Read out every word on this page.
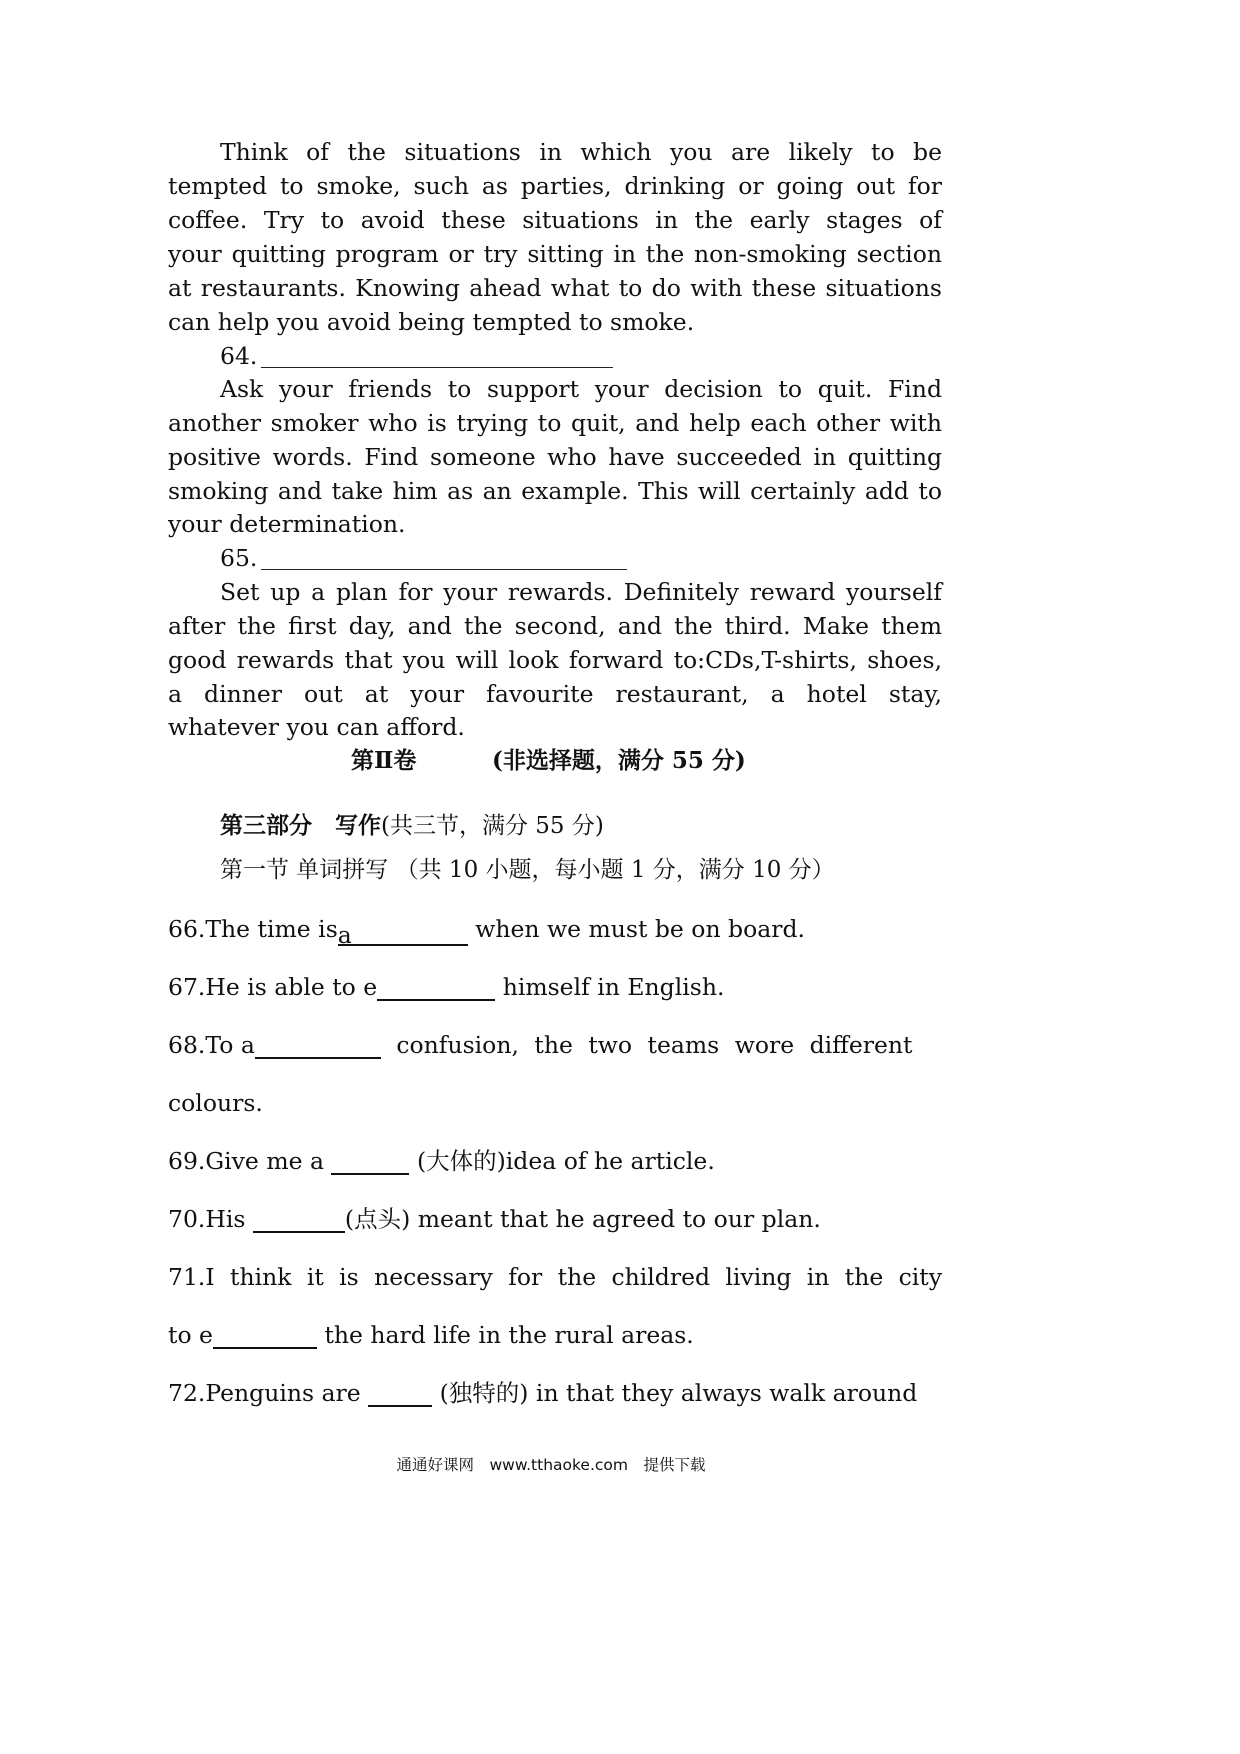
Think of the situations in which you are likely to be
tempted to smoke, such as parties, drinking or going out for
coffee. Try to avoid these situations in the early stages of
your quitting program or try sitting in the non-smoking section
at restaurants. Knowing ahead what to do with these situations
can help you avoid being tempted to smoke.
64.
Ask your friends to support your decision to quit. Find
another smoker who is trying to quit, and help each other with
positive words. Find someone who have succeeded in quitting
smoking and take him as an example. This will certainly add to
your determination.
65.
Set up a plan for your rewards. Definitely reward yourself
after the first day, and the second, and the third. Make them
good rewards that you will look forward to:CDs,T-shirts, shoes,
a dinner out at your favourite restaurant, a hotel stay,
whatever you can afford.
第Ⅱ卷	(非选择题，满分 55 分)
第三部分　写作(共三节，满分 55 分)
第一节 单词拼写 （共 10 小题，每小题 1 分，满分 10 分）
66.The time isa	when we must be on board.
67.He is able to e	himself in English.
68.To a	confusion, the two teams wore different
colours.
69.Give me a	(大体的)idea of he article.
70.His	(点头) meant that he agreed to our plan.
71.I think it is necessary for the childred living in the city
to e	the hard life in the rural areas.
72.Penguins are	(独特的) in that they always walk around
通通好课网　www.tthaoke.com　提供下载
